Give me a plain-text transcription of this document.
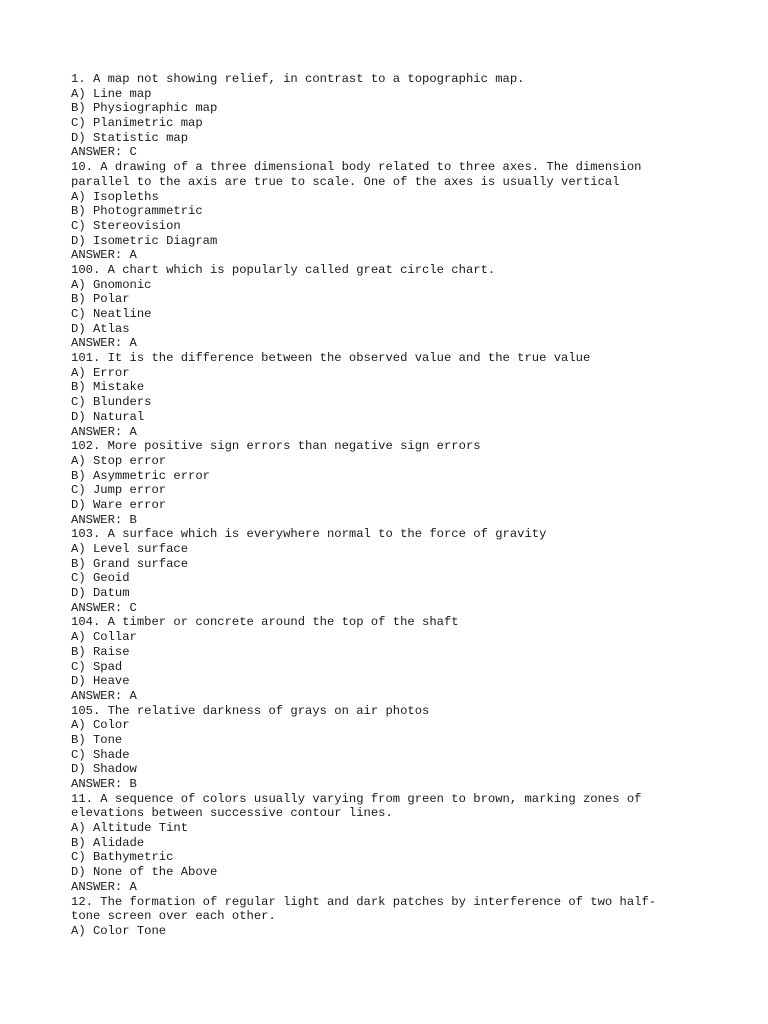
1. A map not showing relief, in contrast to a topographic map.
A) Line map
B) Physiographic map
C) Planimetric map
D) Statistic map
ANSWER: C
10. A drawing of a three dimensional body related to three axes. The dimension
parallel to the axis are true to scale. One of the axes is usually vertical
A) Isopleths
B) Photogrammetric
C) Stereovision
D) Isometric Diagram
ANSWER: A
100. A chart which is popularly called great circle chart.
A) Gnomonic
B) Polar
C) Neatline
D) Atlas
ANSWER: A
101. It is the difference between the observed value and the true value
A) Error
B) Mistake
C) Blunders
D) Natural
ANSWER: A
102. More positive sign errors than negative sign errors
A) Stop error
B) Asymmetric error
C) Jump error
D) Ware error
ANSWER: B
103. A surface which is everywhere normal to the force of gravity
A) Level surface
B) Grand surface
C) Geoid
D) Datum
ANSWER: C
104. A timber or concrete around the top of the shaft
A) Collar
B) Raise
C) Spad
D) Heave
ANSWER: A
105. The relative darkness of grays on air photos
A) Color
B) Tone
C) Shade
D) Shadow
ANSWER: B
11. A sequence of colors usually varying from green to brown, marking zones of
elevations between successive contour lines.
A) Altitude Tint
B) Alidade
C) Bathymetric
D) None of the Above
ANSWER: A
12. The formation of regular light and dark patches by interference of two half-
tone screen over each other.
A) Color Tone
